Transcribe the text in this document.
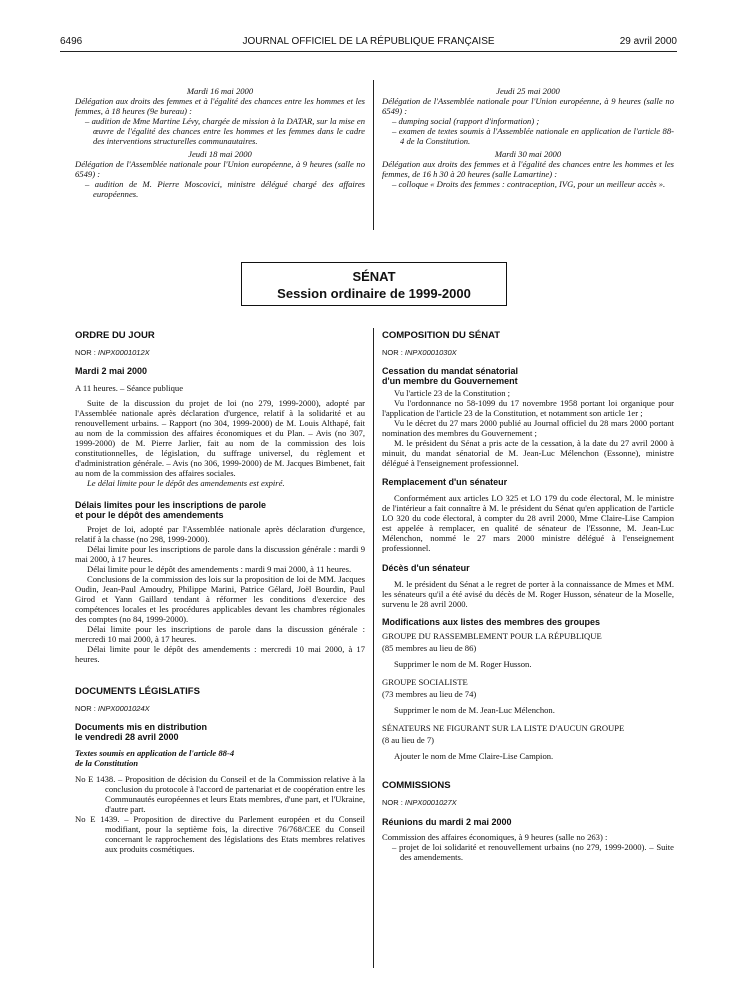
6496	JOURNAL OFFICIEL DE LA RÉPUBLIQUE FRANÇAISE	29 avril 2000

Mardi 16 mai 2000

Délégation aux droits des femmes et à l'égalité des chances entre les hommes et les femmes, à 18 heures (9e bureau) :

– audition de Mme Martine Lévy, chargée de mission à la DATAR, sur la mise en œuvre de l'égalité des chances entre les hommes et les femmes dans le cadre des interventions structurelles communautaires.

Jeudi 18 mai 2000

Délégation de l'Assemblée nationale pour l'Union européenne, à 9 heures (salle no 6549) :

– audition de M. Pierre Moscovici, ministre délégué chargé des affaires européennes.

Jeudi 25 mai 2000

Délégation de l'Assemblée nationale pour l'Union européenne, à 9 heures (salle no 6549) :

– dumping social (rapport d'information) ;

– examen de textes soumis à l'Assemblée nationale en application de l'article 88-4 de la Constitution.

Mardi 30 mai 2000

Délégation aux droits des femmes et à l'égalité des chances entre les hommes et les femmes, de 16 h 30 à 20 heures (salle Lamartine) :

– colloque « Droits des femmes : contraception, IVG, pour un meilleur accès ».

SÉNAT
Session ordinaire de 1999-2000

ORDRE DU JOUR

NOR : INPX0001012X

Mardi 2 mai 2000

A 11 heures. – Séance publique

Suite de la discussion du projet de loi (no 279, 1999-2000), adopté par l'Assemblée nationale après déclaration d'urgence, relatif à la solidarité et au renouvellement urbains. – Rapport (no 304, 1999-2000) de M. Louis Althapé, fait au nom de la commission des affaires économiques et du Plan. – Avis (no 307, 1999-2000) de M. Pierre Jarlier, fait au nom de la commission des lois constitutionnelles, de législation, du suffrage universel, du règlement et d'administration générale. – Avis (no 306, 1999-2000) de M. Jacques Bimbenet, fait au nom de la commission des affaires sociales.

Le délai limite pour le dépôt des amendements est expiré.

Délais limites pour les inscriptions de parole

et pour le dépôt des amendements

Projet de loi, adopté par l'Assemblée nationale après déclaration d'urgence, relatif à la chasse (no 298, 1999-2000).

Délai limite pour les inscriptions de parole dans la discussion générale : mardi 9 mai 2000, à 17 heures.

Délai limite pour le dépôt des amendements : mardi 9 mai 2000, à 11 heures.

Conclusions de la commission des lois sur la proposition de loi de MM. Jacques Oudin, Jean-Paul Amoudry, Philippe Marini, Patrice Gélard, Joël Bourdin, Paul Girod et Yann Gaillard tendant à réformer les conditions d'exercice des compétences locales et les procédures applicables devant les chambres régionales des comptes (no 84, 1999-2000).

Délai limite pour les inscriptions de parole dans la discussion générale : mercredi 10 mai 2000, à 17 heures.

Délai limite pour le dépôt des amendements : mercredi 10 mai 2000, à 17 heures.

DOCUMENTS LÉGISLATIFS

NOR : INPX0001024X

Documents mis en distribution

le vendredi 28 avril 2000

Textes soumis en application de l'article 88-4

de la Constitution

No E 1438. – Proposition de décision du Conseil et de la Commission relative à la conclusion du protocole à l'accord de partenariat et de coopération entre les Communautés européennes et leurs Etats membres, d'une part, et l'Ukraine, d'autre part.

No E 1439. – Proposition de directive du Parlement européen et du Conseil modifiant, pour la septième fois, la directive 76/768/CEE du Conseil concernant le rapprochement des législations des Etats membres relatives aux produits cosmétiques.

COMPOSITION DU SÉNAT

NOR : INPX0001030X

Cessation du mandat sénatorial

d'un membre du Gouvernement

Vu l'article 23 de la Constitution ;

Vu l'ordonnance no 58-1099 du 17 novembre 1958 portant loi organique pour l'application de l'article 23 de la Constitution, et notamment son article 1er ;

Vu le décret du 27 mars 2000 publié au Journal officiel du 28 mars 2000 portant nomination des membres du Gouvernement ;

M. le président du Sénat a pris acte de la cessation, à la date du 27 avril 2000 à minuit, du mandat sénatorial de M. Jean-Luc Mélenchon (Essonne), ministre délégué à l'enseignement professionnel.

Remplacement d'un sénateur

Conformément aux articles LO 325 et LO 179 du code électoral, M. le ministre de l'intérieur a fait connaître à M. le président du Sénat qu'en application de l'article LO 320 du code électoral, à compter du 28 avril 2000, Mme Claire-Lise Campion est appelée à remplacer, en qualité de sénateur de l'Essonne, M. Jean-Luc Mélenchon, nommé le 27 mars 2000 ministre délégué à l'enseignement professionnel.

Décès d'un sénateur

M. le président du Sénat a le regret de porter à la connaissance de Mmes et MM. les sénateurs qu'il a été avisé du décès de M. Roger Husson, sénateur de la Moselle, survenu le 28 avril 2000.

Modifications aux listes des membres des groupes

GROUPE DU RASSEMBLEMENT POUR LA RÉPUBLIQUE

(85 membres au lieu de 86)

Supprimer le nom de M. Roger Husson.

GROUPE SOCIALISTE

(73 membres au lieu de 74)

Supprimer le nom de M. Jean-Luc Mélenchon.

SÉNATEURS NE FIGURANT SUR LA LISTE D'AUCUN GROUPE

(8 au lieu de 7)

Ajouter le nom de Mme Claire-Lise Campion.

COMMISSIONS

NOR : INPX0001027X

Réunions du mardi 2 mai 2000

Commission des affaires économiques, à 9 heures (salle no 263) :

– projet de loi solidarité et renouvellement urbains (no 279, 1999-2000). – Suite des amendements.
